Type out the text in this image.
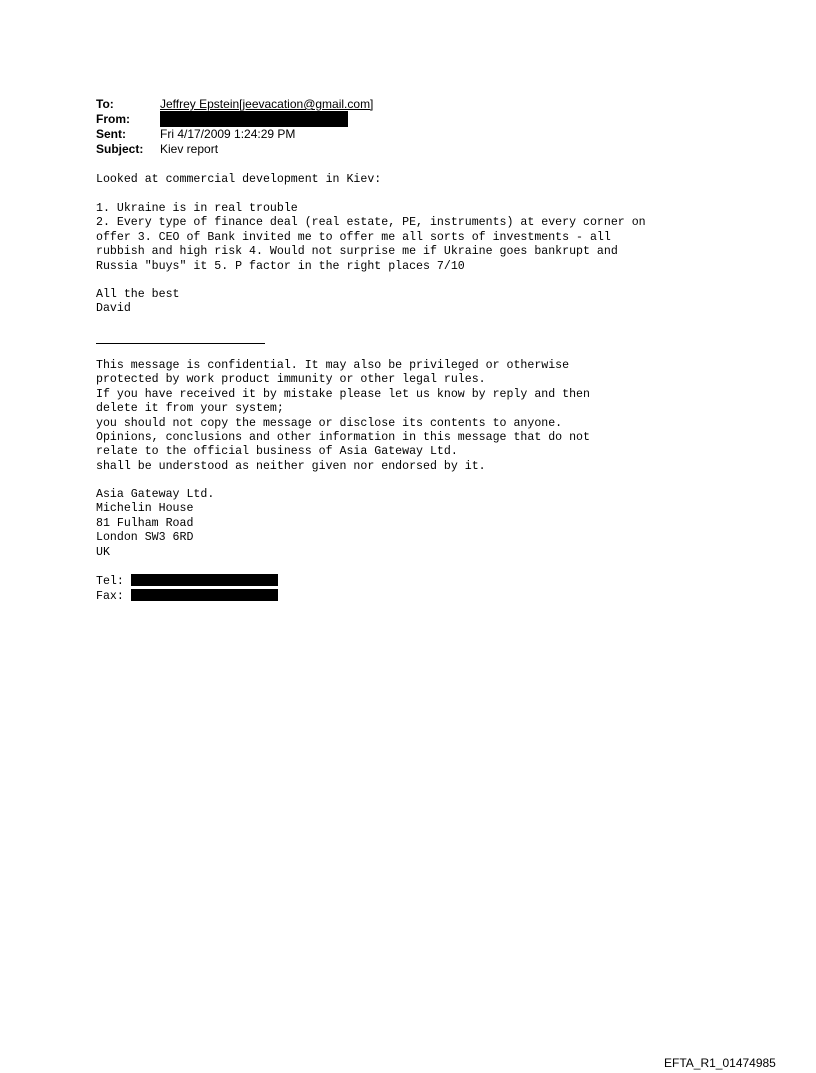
To:	Jeffrey Epstein[jeevacation@gmail.com]
From:
Sent:	Fri 4/17/2009 1:24:29 PM
Subject:	Kiev report
Looked at commercial development in Kiev:
1. Ukraine is in real trouble
2. Every type of finance deal (real estate, PE, instruments) at every corner on
offer 3. CEO of Bank invited me to offer me all sorts of investments - all
rubbish and high risk 4. Would not surprise me if Ukraine goes bankrupt and
Russia "buys" it 5. P factor in the right places 7/10
All the best
David
This message is confidential. It may also be privileged or otherwise
protected by work product immunity or other legal rules.
If you have received it by mistake please let us know by reply and then
delete it from your system;
you should not copy the message or disclose its contents to anyone.
Opinions, conclusions and other information in this message that do not
relate to the official business of Asia Gateway Ltd.
shall be understood as neither given nor endorsed by it.
Asia Gateway Ltd.
Michelin House
81 Fulham Road
London SW3 6RD
UK
Tel:
Fax:
EFTA_R1_01474985
